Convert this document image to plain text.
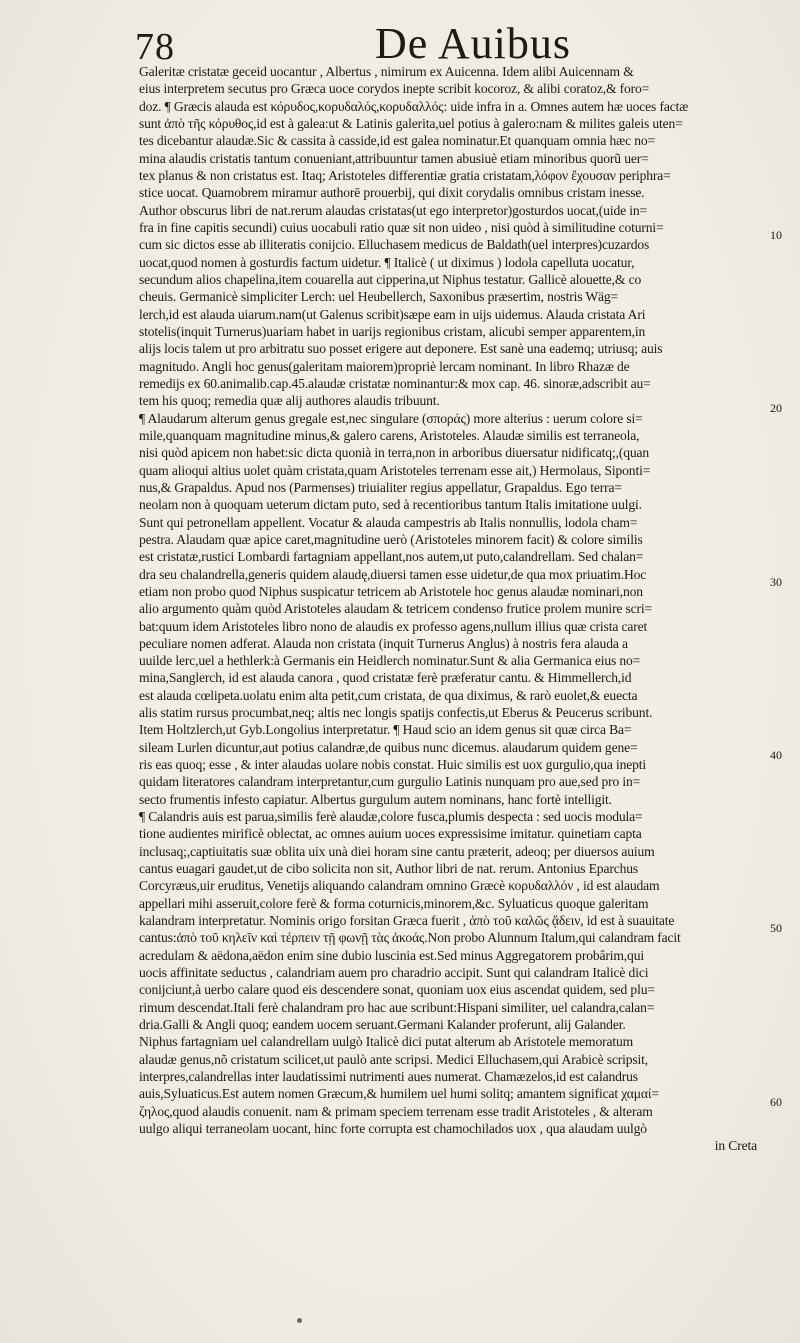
78	De Auibus
Galeritæ cristatæ geceid uocantur , Albertus , nimirum ex Auicenna. Idem alibi Auicennam &
eius interpretem secutus pro Græca uoce corydos inepte scribit kocoroz, & alibi coratoz,& foro=
doz. ¶ Græcis alauda est κόρυδος,κορυδαλός,κορυδαλλός: uide infra in a. Omnes autem hæ uoces factæ
sunt ἀπὸ τῆς κόρυθος,id est à galea:ut & Latinis galerita,uel potius à galero:nam & milites galeis uten=
tes dicebantur alaudæ.Sic & cassita à cassidе,id est galea nominatur.Et quanquam omnia hæc no=
mina alaudis cristatis tantum conueniant,attribuuntur tamen abusiuè etiam minoribus quorũ uer=
tex planus & non cristatus est. Itaq; Aristoteles differentiæ gratia cristatam,λόφον ἔχουσαν periphra=
stice uocat. Quamobrem miramur authorē prouerbij, qui dixit corydalis omnibus cristam inesse.
Author obscurus libri de nat.rerum alaudas cristatas(ut ego interpretor)gosturdos uocat,(uide in=
fra in fine capitis secundi) cuius uocabuli ratio quæ sit non uideo , nisi quòd à similitudine coturni=
cum sic dictos esse ab illiteratis conijcio. Elluchasem medicus de Baldath(uel interpres)cuzardos
uocat,quod nomen à gosturdis factum uidetur. ¶ Italicè ( ut diximus ) lodola capelluta uocatur,
secundum alios chapelina,item couarella aut cipperina,ut Niphus testatur. Gallicè alouette,& co
cheuis. Germanicè simpliciter Lerch: uel Heubellerch, Saxonibus præsertim, nostris Wäg=
lerch,id est alauda uiarum.nam(ut Galenus scribit)sæpe eam in uijs uidemus. Alauda cristata Ari
stotelis(inquit Turnerus)uariam habet in uarijs regionibus cristam, alicubi semper apparentem,in
alijs locis talem ut pro arbitratu suo posset erigere aut deponere. Est sanè una eademq; utriusq; auis
magnitudo. Angli hoc genus(galeritam maiorem)propriè lercam nominant. In libro Rhazæ de
remedijs ex 60.animalib.cap.45.alaudæ cristatæ nominantur:& mox cap. 46. sinoræ,adscribit au=
tem his quoq; remedia quæ alij authores alaudis tribuunt.
¶ Alaudarum alterum genus gregale est,nec singulare (σποράς) more alterius : uerum colore si=
mile,quanquam magnitudine minus,& galero carens, Aristoteles. Alaudæ similis est terraneola,
nisi quòd apicem non habet:sic dicta quonià in terra,non in arboribus diuersatur nidificatq;,(quan
quam alioqui altius uolet quàm cristata,quam Aristoteles terrenam esse ait,) Hermolaus, Siponti=
nus,& Grapaldus. Apud nos (Parmenses) triuialiter regius appellatur, Grapaldus. Ego terra=
neolam non à quoquam ueterum dictam puto, sed à recentioribus tantum Italis imitatione uulgi.
Sunt qui petronellam appellent. Vocatur & alauda campestris ab Italis nonnullis, lodola cham=
pestra. Alaudam quæ apice caret,magnitudine uerò (Aristoteles minorem facit) & colore similis
est cristatæ,rustici Lombardi fartagniam appellant,nos autem,ut puto,calandrellam. Sed chalan=
dra seu chalandrella,generis quidem alaudę,diuersi tamen esse uidetur,de qua mox priuatim.Hoc
etiam non probo quod Niphus suspicatur tetricem ab Aristotele hoc genus alaudæ nominari,non
alio argumento quàm quòd Aristoteles alaudam & tetricem condenso frutice prolem munire scri=
bat:quum idem Aristoteles libro nono de alaudis ex professo agens,nullum illius quæ crista caret
peculiare nomen adferat. Alauda non cristata (inquit Turnerus Anglus) à nostris fera alauda a
uuilde lerc,uel a hethlerk:à Germanis ein Heidlerch nominatur.Sunt & alia Germanica eius no=
mina,Sanglerch, id est alauda canora , quod cristatæ ferè præferatur cantu. & Himmellerch,id
est alauda cœlipeta.uolatu enim alta petit,cum cristata, de qua diximus, & rarò euolet,& euecta
alis statim rursus procumbat,neq; altis nec longis spatijs confectis,ut Eberus & Peucerus scribunt.
Item Holtzlerch,ut Gyb.Longolius interpretatur. ¶ Haud scio an idem genus sit quæ circa Ba=
sileam Lurlen dicuntur,aut potius calandræ,de quibus nunc dicemus. alaudarum quidem gene=
ris eas quoq; esse , & inter alaudas uolare nobis constat. Huic similis est uox gurgulio,qua inepti
quidam literatores calandram interpretantur,cum gurgulio Latinis nunquam pro aue,sed pro in=
secto frumentis infesto capiatur. Albertus gurgulum autem nominans, hanc fortè intelligit.
¶ Calandris auis est parua,similis ferè alaudæ,colore fusca,plumis despecta : sed uocis modula=
tione audientes mirificè oblectat, ac omnes auium uoces expressisime imitatur. quinetiam capta
inclusaq;,captiuitatis suæ oblita uix unà diei horam sine cantu præterit, adeoq; per diuersos auium
cantus euagari gaudet,ut de cibo solicita non sit, Author libri de nat. rerum. Antonius Eparchus
Corcyræus,uir eruditus, Venetijs aliquando calandram omnino Græcè κορυδαλλόν , id est alaudam
appellari mihi asseruit,colore ferè & forma coturnicis,minorem,&c. Syluaticus quoque galeritam
kalandram interpretatur. Nominis origo forsitan Græca fuerit , ἀπὸ τοῦ καλῶς ᾄδειν, id est à suauitate
cantus:ἀπὸ τοῦ κηλεῖν καὶ τέρπειν τῇ φωνῇ τὰς ἀκοάς.Non probo Alunnum Italum,qui calandram facit
acredulam & aëdona,aëdon enim sine dubio luscinia est.Sed minus Aggregatorem probârim,qui
uocis affinitate seductus , calandriam auem pro charadrio accipit. Sunt qui calandram Italicè dici
conijciunt,à uerbo calare quod eis descendere sonat, quoniam uox eius ascendat quidem, sed plu=
rimum descendat.Itali ferè chalandram pro hac aue scribunt:Hispani similiter, uel calandra,calan=
dria.Galli & Angli quoq; eandem uocem seruant.Germani Kalander proferunt, alij Galander.
Niphus fartagniam uel calandrellam uulgò Italicè dici putat alterum ab Aristotele memoratum
alaudæ genus,nõ cristatum scilicet,ut paulò ante scripsi. Medici Elluchasem,qui Arabicè scripsit,
interpres,calandrellas inter laudatissimi nutrimenti aues numerat. Chamæzelos,id est calandrus
auis,Syluaticus.Est autem nomen Græcum,& humilem uel humi solitq; amantem significat χαμαί=
ζηλος,quod alaudis conuenit. nam & primam speciem terrenam esse tradit Aristoteles , & alteram
uulgo aliqui terraneolam uocant, hinc forte corrupta est chamochilados uox , qua alaudam uulgò
in Creta
10
20
30
40
50
60
